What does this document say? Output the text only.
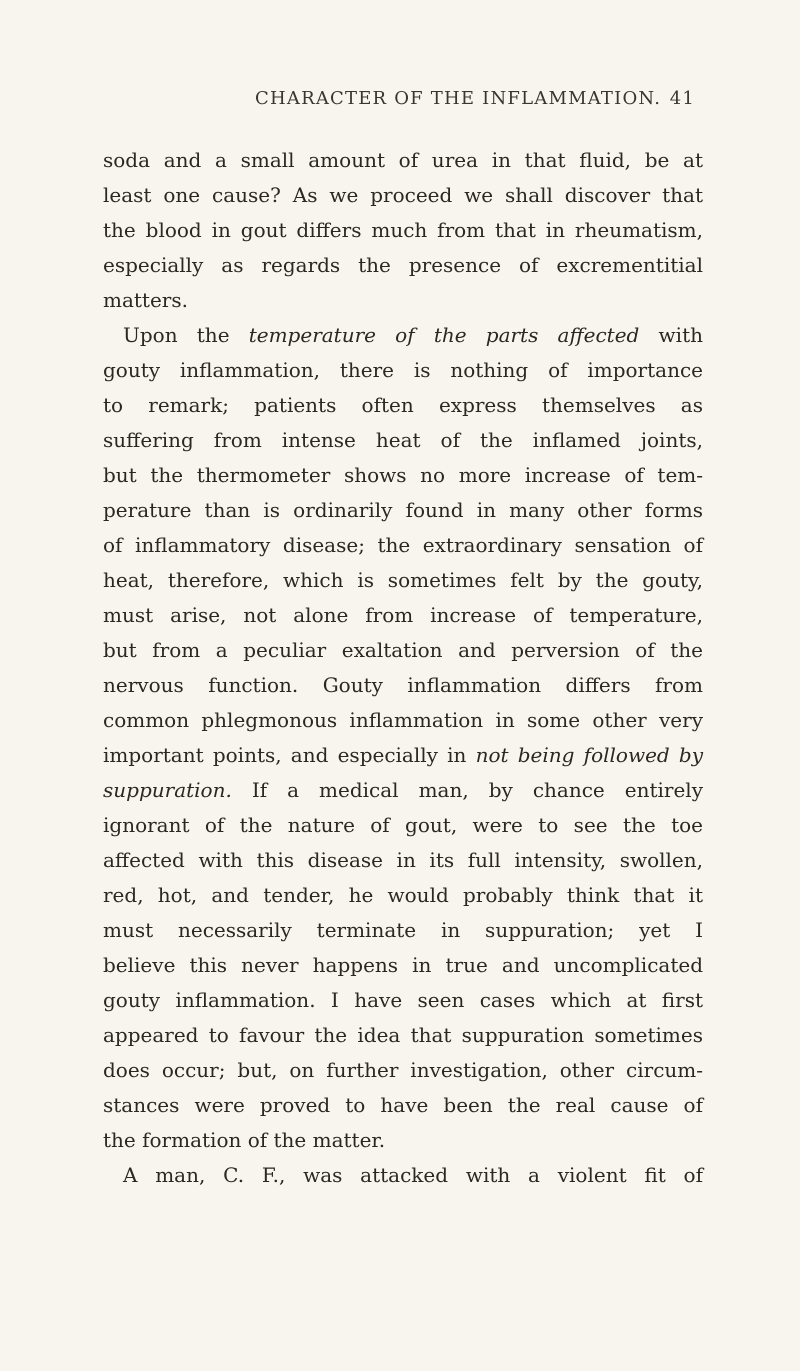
CHARACTER OF THE INFLAMMATION. 41
soda and a small amount of urea in that fluid, be at
least one cause? As we proceed we shall discover that
the blood in gout differs much from that in rheumatism,
especially as regards the presence of excrementitial
matters.
Upon the temperature of the parts affected with
gouty inflammation, there is nothing of importance
to remark; patients often express themselves as
suffering from intense heat of the inflamed joints,
but the thermometer shows no more increase of tem-
perature than is ordinarily found in many other forms
of inflammatory disease; the extraordinary sensation of
heat, therefore, which is sometimes felt by the gouty,
must arise, not alone from increase of temperature,
but from a peculiar exaltation and perversion of the
nervous function. Gouty inflammation differs from
common phlegmonous inflammation in some other very
important points, and especially in not being followed by
suppuration. If a medical man, by chance entirely
ignorant of the nature of gout, were to see the toe
affected with this disease in its full intensity, swollen,
red, hot, and tender, he would probably think that it
must necessarily terminate in suppuration; yet I
believe this never happens in true and uncomplicated
gouty inflammation. I have seen cases which at first
appeared to favour the idea that suppuration sometimes
does occur; but, on further investigation, other circum-
stances were proved to have been the real cause of
the formation of the matter.
A man, C. F., was attacked with a violent fit of
